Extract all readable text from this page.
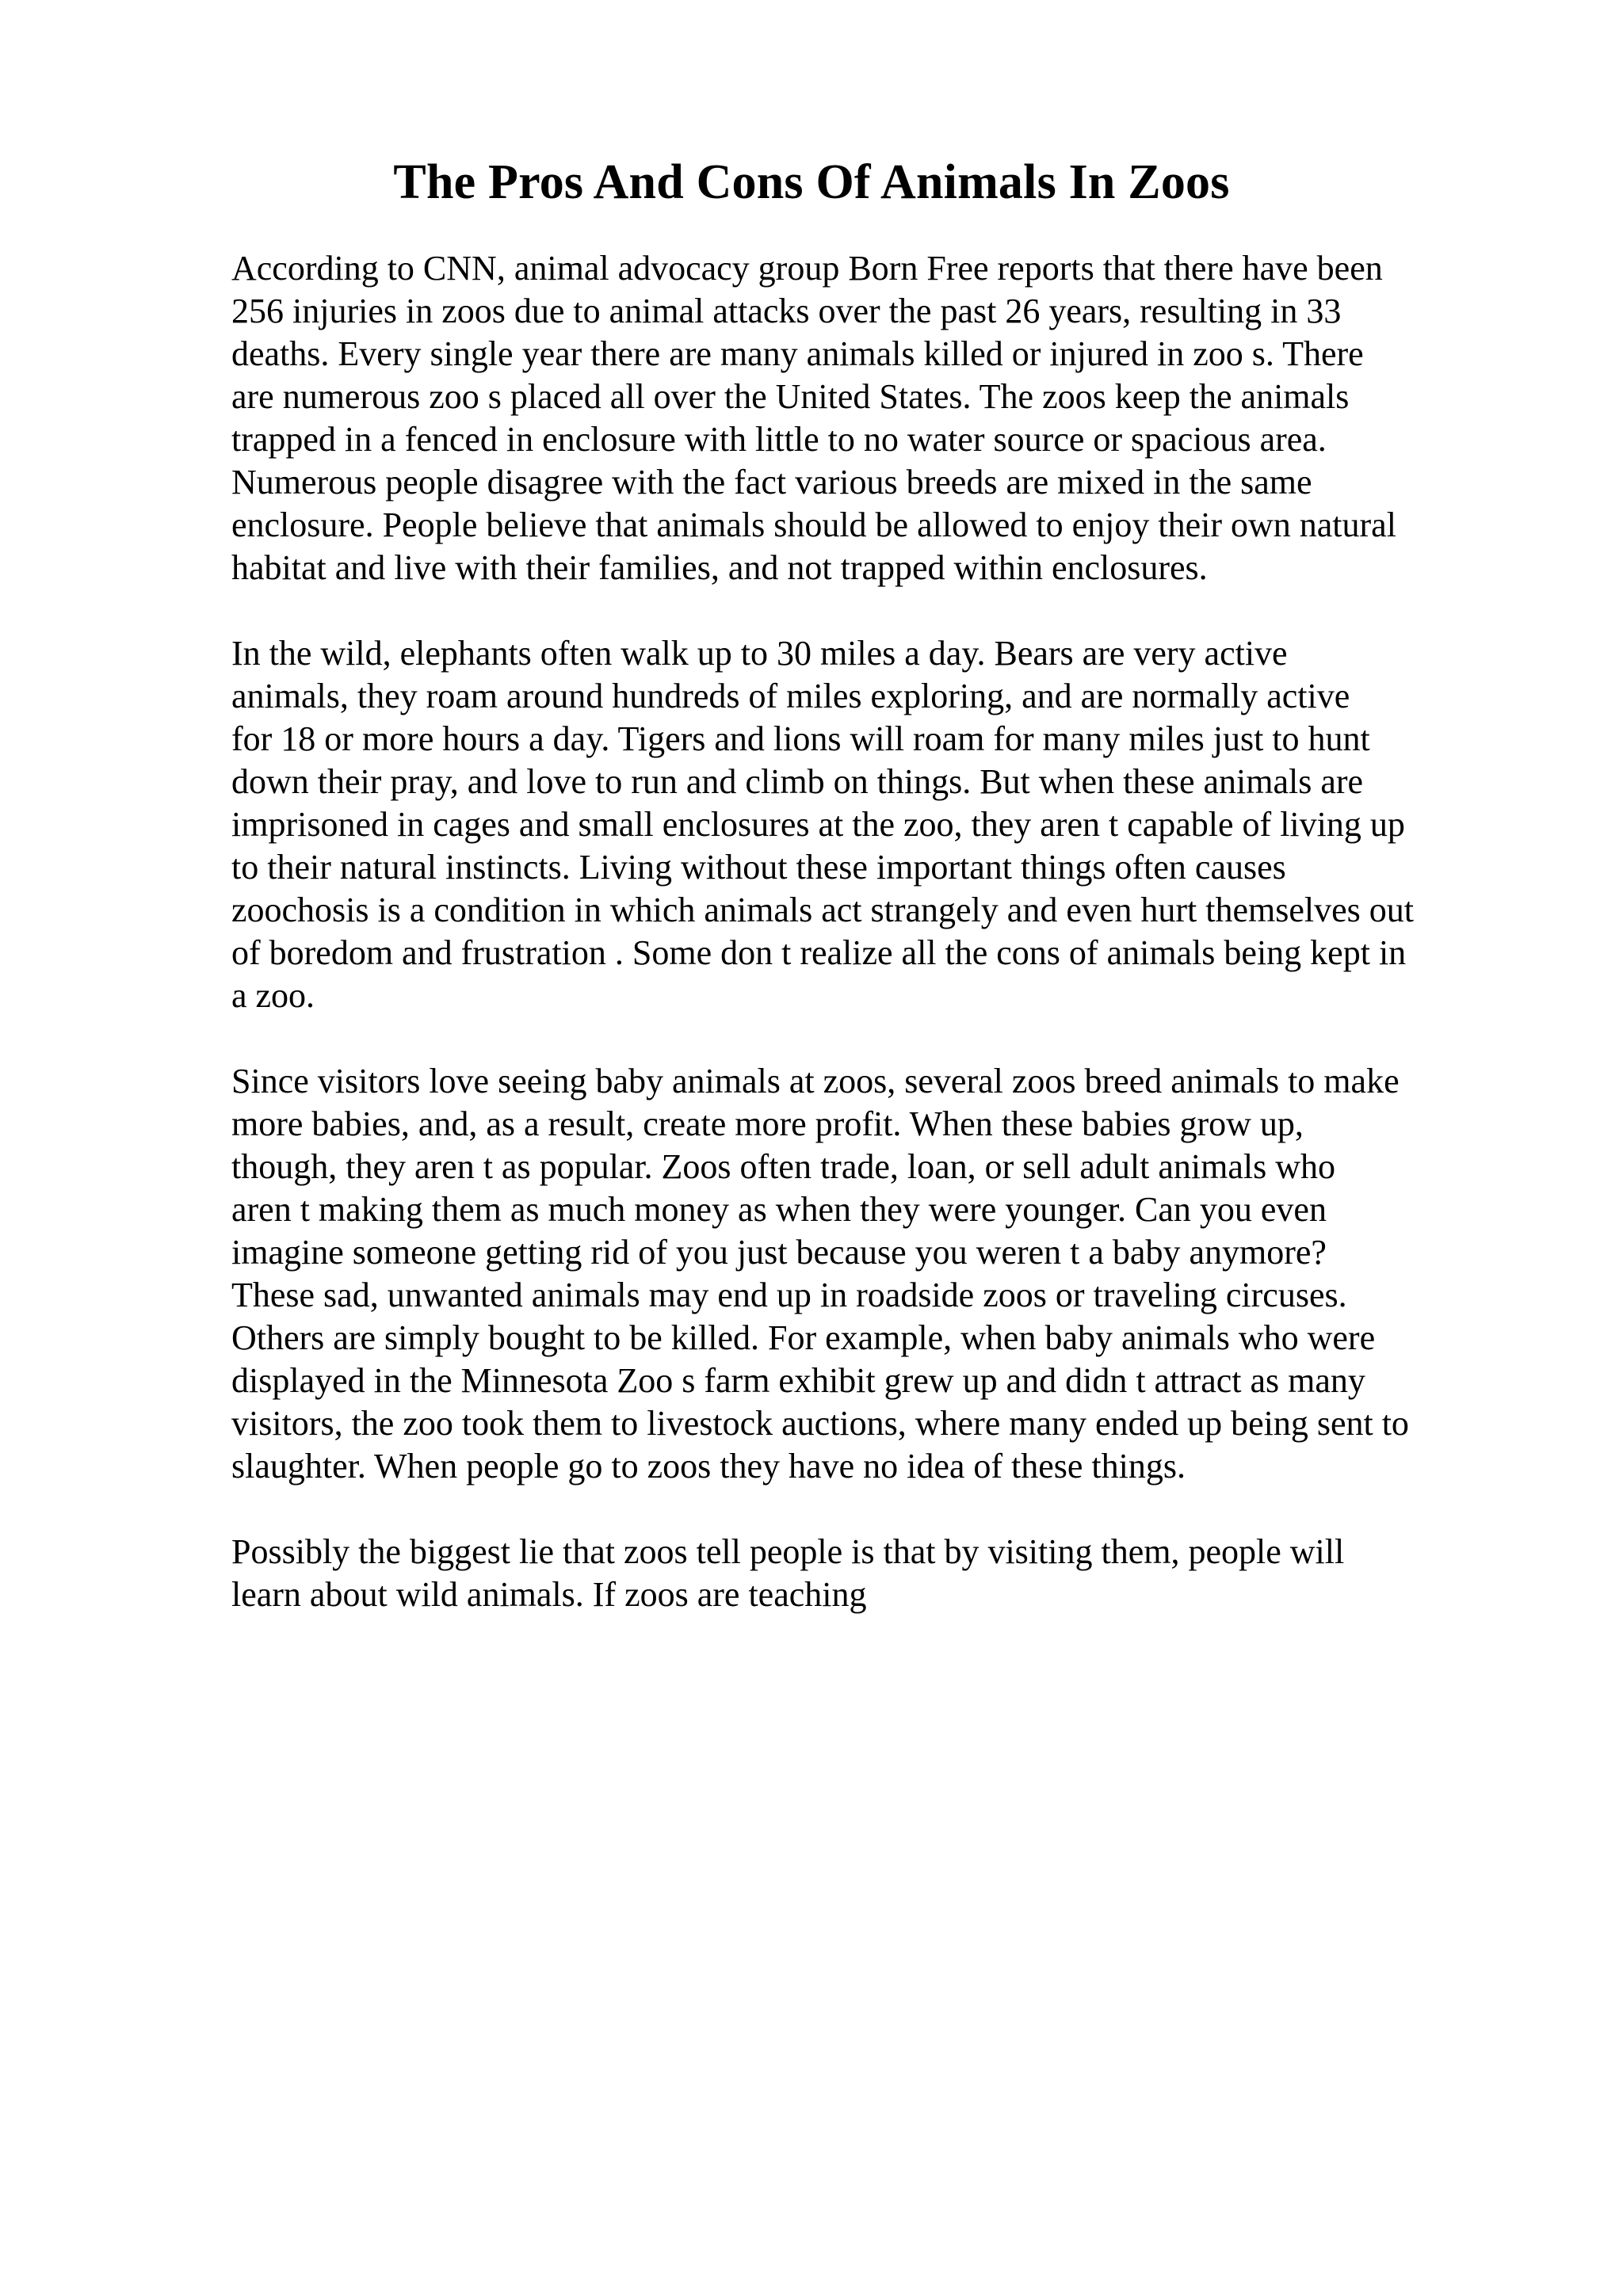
The Pros And Cons Of Animals In Zoos

According to CNN, animal advocacy group Born Free reports that there have been
256 injuries in zoos due to animal attacks over the past 26 years, resulting in 33
deaths. Every single year there are many animals killed or injured in zoo s. There
are numerous zoo s placed all over the United States. The zoos keep the animals
trapped in a fenced in enclosure with little to no water source or spacious area.
Numerous people disagree with the fact various breeds are mixed in the same
enclosure. People believe that animals should be allowed to enjoy their own natural
habitat and live with their families, and not trapped within enclosures.

In the wild, elephants often walk up to 30 miles a day. Bears are very active
animals, they roam around hundreds of miles exploring, and are normally active
for 18 or more hours a day. Tigers and lions will roam for many miles just to hunt
down their pray, and love to run and climb on things. But when these animals are
imprisoned in cages and small enclosures at the zoo, they aren t capable of living up
to their natural instincts. Living without these important things often causes
zoochosis is a condition in which animals act strangely and even hurt themselves out
of boredom and frustration . Some don t realize all the cons of animals being kept in
a zoo.

Since visitors love seeing baby animals at zoos, several zoos breed animals to make
more babies, and, as a result, create more profit. When these babies grow up,
though, they aren t as popular. Zoos often trade, loan, or sell adult animals who
aren t making them as much money as when they were younger. Can you even
imagine someone getting rid of you just because you weren t a baby anymore?
These sad, unwanted animals may end up in roadside zoos or traveling circuses.
Others are simply bought to be killed. For example, when baby animals who were
displayed in the Minnesota Zoo s farm exhibit grew up and didn t attract as many
visitors, the zoo took them to livestock auctions, where many ended up being sent to
slaughter. When people go to zoos they have no idea of these things.

Possibly the biggest lie that zoos tell people is that by visiting them, people will
learn about wild animals. If zoos are teaching
